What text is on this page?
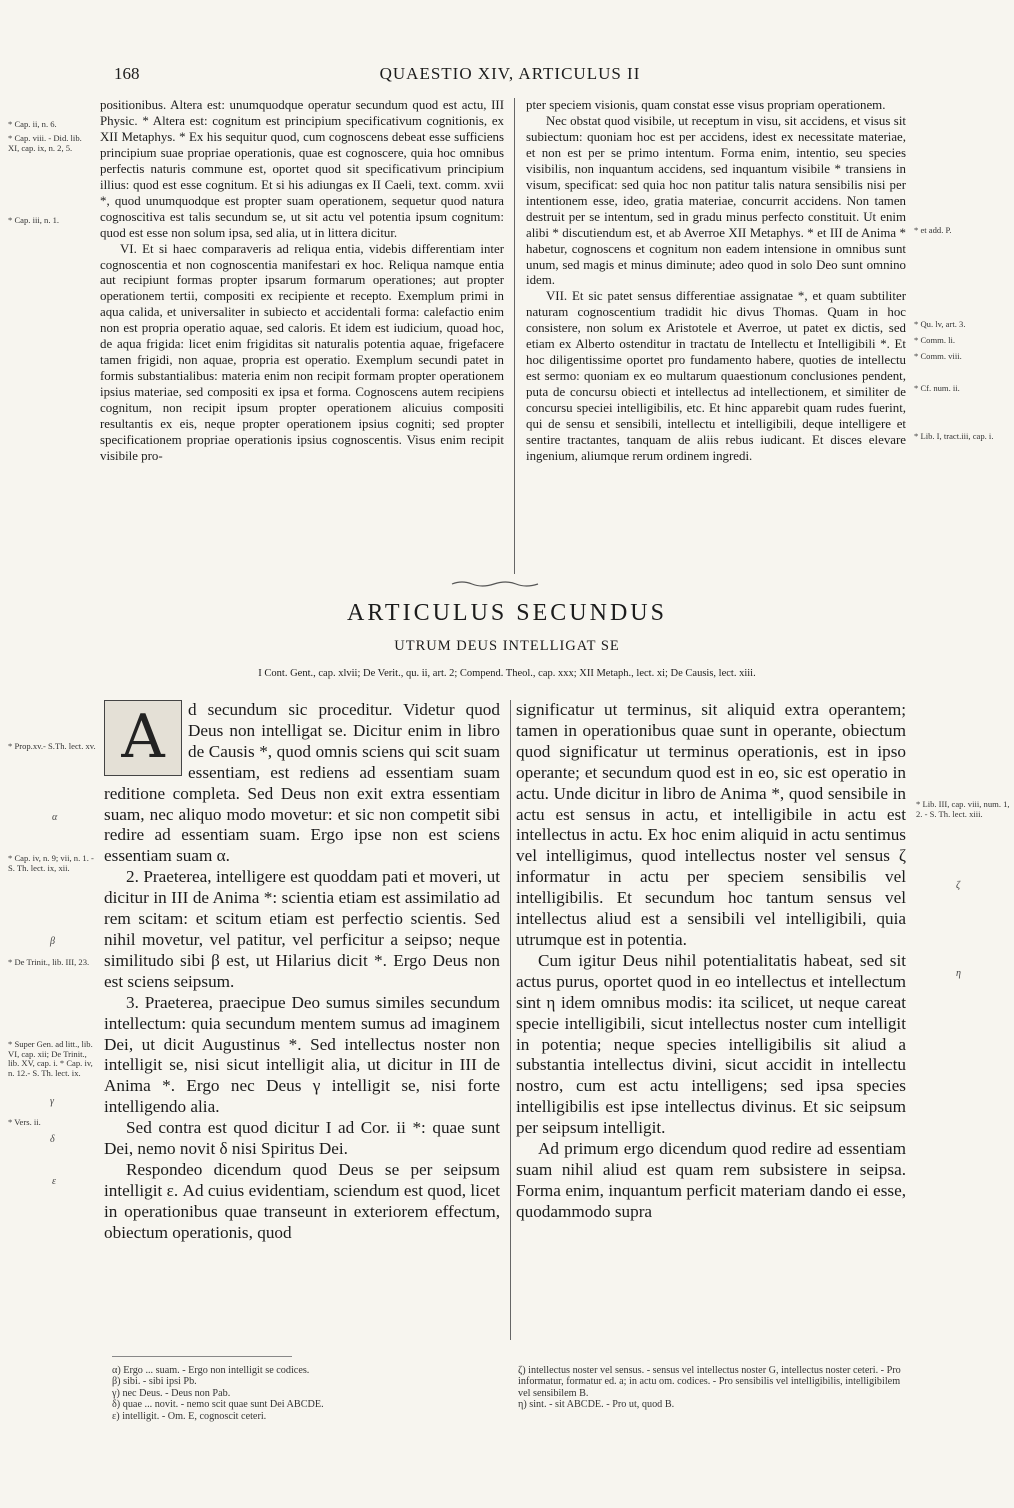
168	QUAESTIO XIV, ARTICULUS II
* Cap. ii, n. 6.
* Cap. viii. - Did. lib. XI, cap. ix, n. 2, 5.
* Cap. iii, n. 1.

positionibus. Altera est: unumquodque operatur secundum quod est actu, III Physic. * Altera est: cognitum est principium specificativum cognitionis, ex XII Metaphys. * Ex his sequitur quod, cum cognoscens debeat esse sufficiens principium suae propriae operationis, quae est cognoscere, quia hoc omnibus perfectis naturis commune est, oportet quod sit specificativum principium illius: quod est esse cognitum. Et si his adiungas ex II Caeli, text. comm. xvii *, quod unumquodque est propter suam operationem, sequetur quod natura cognoscitiva est talis secundum se, ut sit actu vel potentia ipsum cognitum: quod est esse non solum ipsa, sed alia, ut in littera dicitur.

VI. Et si haec comparaveris ad reliqua entia, videbis differentiam inter cognoscentia et non cognoscentia manifestari ex hoc. Reliqua namque entia aut recipiunt formas propter ipsarum formarum operationes; aut propter operationem tertii, compositi ex recipiente et recepto. Exemplum primi in aqua calida, et universaliter in subiecto et accidentali forma: calefactio enim non est propria operatio aquae, sed caloris. Et idem est iudicium, quoad hoc, de aqua frigida: licet enim frigiditas sit naturalis potentia aquae, frigefacere tamen frigidi, non aquae, propria est operatio. Exemplum secundi patet in formis substantialibus: materia enim non recipit formam propter operationem ipsius materiae, sed compositi ex ipsa et forma. Cognoscens autem recipiens cognitum, non recipit ipsum propter operationem alicuius compositi resultantis ex eis, neque propter operationem ipsius cogniti; sed propter specificationem propriae operationis ipsius cognoscentis. Visus enim recipit visibile pro-

pter speciem visionis, quam constat esse visus propriam operationem.

Nec obstat quod visibile, ut receptum in visu, sit accidens, et visus sit subiectum: quoniam hoc est per accidens, idest ex necessitate materiae, et non est per se primo intentum. Forma enim, intentio, seu species visibilis, non inquantum accidens, sed inquantum visibile * transiens in visum, specificat: sed quia hoc non patitur talis natura sensibilis nisi per intentionem esse, ideo, gratia materiae, concurrit accidens. Non tamen destruit per se intentum, sed in gradu minus perfecto constituit. Ut enim alibi * discutiendum est, et ab Averroe XII Metaphys. * et III de Anima * habetur, cognoscens et cognitum non eadem intensione in omnibus sunt unum, sed magis et minus diminute; adeo quod in solo Deo sunt omnino idem.

VII. Et sic patet sensus differentiae assignatae *, et quam subtiliter naturam cognoscentium tradidit hic divus Thomas. Quam in hoc consistere, non solum ex Aristotele et Averroe, ut patet ex dictis, sed etiam ex Alberto ostenditur in tractatu de Intellectu et Intelligibili *. Et hoc diligentissime oportet pro fundamento habere, quoties de intellectu est sermo: quoniam ex eo multarum quaestionum conclusiones pendent, puta de concursu obiecti et intellectus ad intellectionem, et similiter de concursu speciei intelligibilis, etc. Et hinc apparebit quam rudes fuerint, qui de sensu et sensibili, intellectu et intelligibili, deque intelligere et sentire tractantes, tanquam de aliis rebus iudicant. Et disces elevare ingenium, aliumque rerum ordinem ingredi.

* et add. P.
* Qu. lv, art. 3.
* Comm. li.
* Comm. viii.
* Cf. num. ii.
* Lib. I, tract.iii, cap. i.
ARTICULUS SECUNDUS
UTRUM DEUS INTELLIGAT SE
I Cont. Gent., cap. xlvii; De Verit., qu. ii, art. 2; Compend. Theol., cap. xxx; XII Metaph., lect. xi; De Causis, lect. xiii.
* Prop.xv.- S.Th. lect. xv.
α
* Cap. iv, n. 9; vii, n. 1. - S. Th. lect. ix, xii.
β
* De Trinit., lib. III, 23.
* Super Gen. ad litt., lib. VI, cap. xii; De Trinit., lib. XV, cap. i. * Cap. iv, n. 12.- S. Th. lect. ix.
γ
* Vers. ii.
δ
ε
A	d secundum sic proceditur. Videtur quod Deus non intelligat se. Dicitur enim in libro de Causis *, quod omnis sciens qui scit suam essentiam, est rediens ad essentiam suam reditione completa. Sed Deus non exit extra essentiam suam, nec aliquo modo movetur: et sic non competit sibi redire ad essentiam suam. Ergo ipse non est sciens essentiam suam α.

2. Praeterea, intelligere est quoddam pati et moveri, ut dicitur in III de Anima *: scientia etiam est assimilatio ad rem scitam: et scitum etiam est perfectio scientis. Sed nihil movetur, vel patitur, vel perficitur a seipso; neque similitudo sibi β est, ut Hilarius dicit *. Ergo Deus non est sciens seipsum.

3. Praeterea, praecipue Deo sumus similes secundum intellectum: quia secundum mentem sumus ad imaginem Dei, ut dicit Augustinus *. Sed intellectus noster non intelligit se, nisi sicut intelligit alia, ut dicitur in III de Anima *. Ergo nec Deus γ intelligit se, nisi forte intelligendo alia.

Sed contra est quod dicitur I ad Cor. ii *: quae sunt Dei, nemo novit δ nisi Spiritus Dei.

Respondeo dicendum quod Deus se per seipsum intelligit ε. Ad cuius evidentiam, sciendum est quod, licet in operationibus quae transeunt in exteriorem effectum, obiectum operationis, quod

significatur ut terminus, sit aliquid extra operantem; tamen in operationibus quae sunt in operante, obiectum quod significatur ut terminus operationis, est in ipso operante; et secundum quod est in eo, sic est operatio in actu. Unde dicitur in libro de Anima *, quod sensibile in actu est sensus in actu, et intelligibile in actu est intellectus in actu. Ex hoc enim aliquid in actu sentimus vel intelligimus, quod intellectus noster vel sensus ζ informatur in actu per speciem sensibilis vel intelligibilis. Et secundum hoc tantum sensus vel intellectus aliud est a sensibili vel intelligibili, quia utrumque est in potentia.

Cum igitur Deus nihil potentialitatis habeat, sed sit actus purus, oportet quod in eo intellectus et intellectum sint η idem omnibus modis: ita scilicet, ut neque careat specie intelligibili, sicut intellectus noster cum intelligit in potentia; neque species intelligibilis sit aliud a substantia intellectus divini, sicut accidit in intellectu nostro, cum est actu intelligens; sed ipsa species intelligibilis est ipse intellectus divinus. Et sic seipsum per seipsum intelligit.

Ad primum ergo dicendum quod redire ad essentiam suam nihil aliud est quam rem subsistere in seipsa. Forma enim, inquantum perficit materiam dando ei esse, quodammodo supra

* Lib. III, cap. viii, num. 1, 2. - S. Th. lect. xiii.
ζ
η
α) Ergo ... suam. - Ergo non intelligit se codices.
β) sibi. - sibi ipsi Pb.
γ) nec Deus. - Deus non Pab.
δ) quae ... novit. - nemo scit quae sunt Dei ABCDE.
ε) intelligit. - Om. E, cognoscit ceteri.
ζ) intellectus noster vel sensus. - sensus vel intellectus noster G, intellectus noster ceteri. - Pro informatur, formatur ed. a; in actu om. codices. - Pro sensibilis vel intelligibilis, intelligibilem vel sensibilem B.
η) sint. - sit ABCDE. - Pro ut, quod B.
